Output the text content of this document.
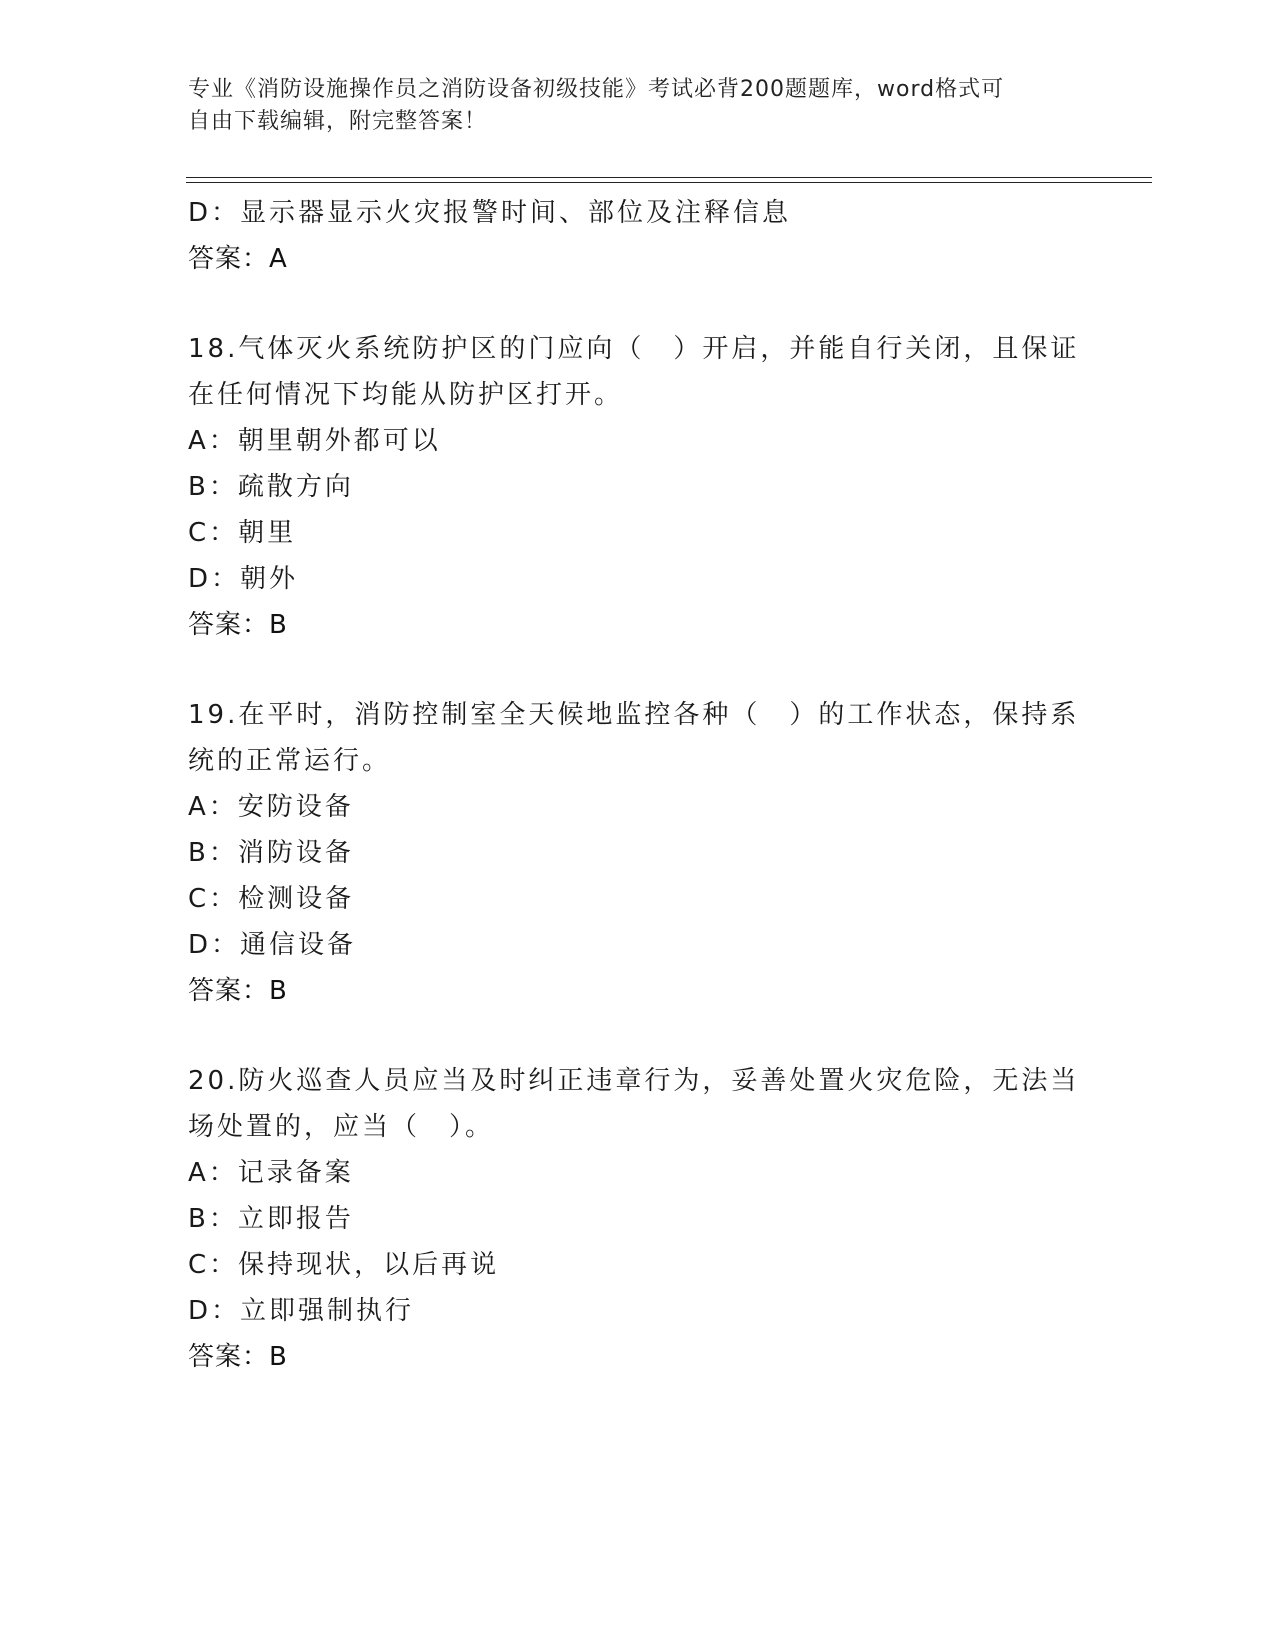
专业《消防设施操作员之消防设备初级技能》考试必背200题题库，word格式可
自由下载编辑，附完整答案！
D：显示器显示火灾报警时间、部位及注释信息
答案：A
18.气体灭火系统防护区的门应向（　）开启，并能自行关闭，且保证
在任何情况下均能从防护区打开。
A：朝里朝外都可以
B：疏散方向
C：朝里
D：朝外
答案：B
19.在平时，消防控制室全天候地监控各种（　）的工作状态，保持系
统的正常运行。
A：安防设备
B：消防设备
C：检测设备
D：通信设备
答案：B
20.防火巡查人员应当及时纠正违章行为，妥善处置火灾危险，无法当
场处置的，应当（　）。
A：记录备案
B：立即报告
C：保持现状，以后再说
D：立即强制执行
答案：B
